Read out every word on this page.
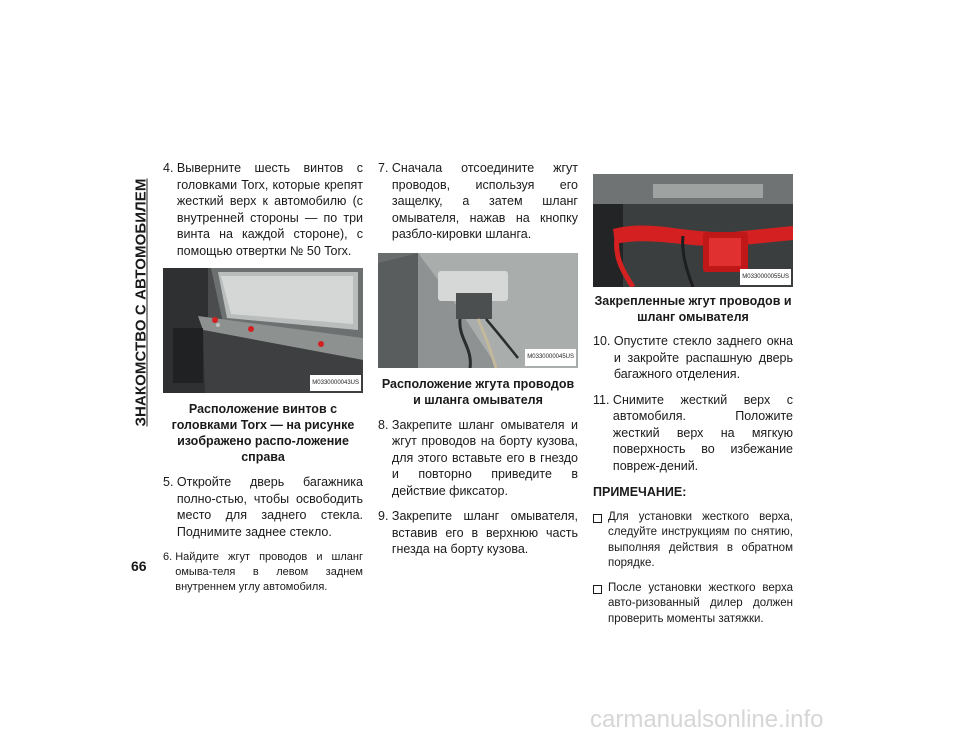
ЗНАКОМСТВО С АВТОМОБИЛЕМ
4. Выверните шесть винтов с головками Torx, которые крепят жесткий верх к автомобилю (с внутренней стороны — по три винта на каждой стороне), с помощью отвертки № 50 Torx.
M0330000043US
Расположение винтов с головками Torx — на рисунке изображено распо-ложение справа
5. Откройте дверь багажника полно-стью, чтобы освободить место для заднего стекла. Поднимите заднее стекло.
6. Найдите жгут проводов и шланг омыва-теля в левом заднем внутреннем углу автомобиля.
7. Сначала отсоедините жгут проводов, используя его защелку, а затем шланг омывателя, нажав на кнопку разбло-кировки шланга.
M0330000045US
Расположение жгута проводов и шланга омывателя
8. Закрепите шланг омывателя и жгут проводов на борту кузова, для этого вставьте его в гнездо и повторно приведите в действие фиксатор.
9. Закрепите шланг омывателя, вставив его в верхнюю часть гнезда на борту кузова.
M0330000055US
Закрепленные жгут проводов и шланг омывателя
10. Опустите стекло заднего окна и закройте распашную дверь багажного отделения.
11. Снимите жесткий верх с автомобиля. Положите жесткий верх на мягкую поверхность во избежание повреж-дений.
ПРИМЕЧАНИЕ:
Для установки жесткого верха, следуйте инструкциям по снятию, выполняя действия в обратном порядке.
После установки жесткого верха авто-ризованный дилер должен проверить моменты затяжки.
66
carmanualsonline.info
